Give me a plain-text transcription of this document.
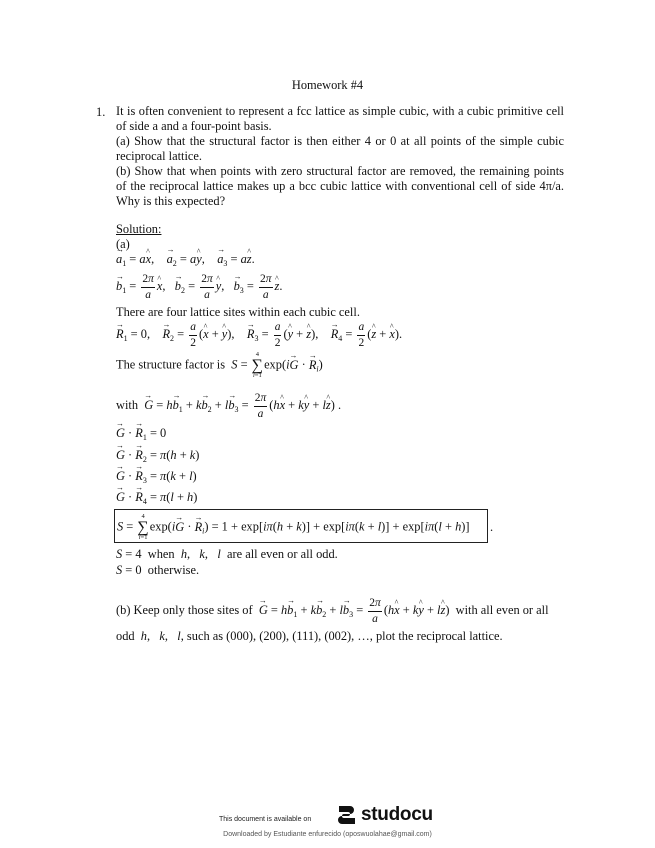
Homework #4
1. It is often convenient to represent a fcc lattice as simple cubic, with a cubic primitive cell of side a and a four-point basis.
(a) Show that the structural factor is then either 4 or 0 at all points of the simple cubic reciprocal lattice.
(b) Show that when points with zero structural factor are removed, the remaining points of the reciprocal lattice makes up a bcc cubic lattice with conventional cell of side 4π/a. Why is this expected?
Solution:
(a)
→ $a_1$ = a^ x,    → $a_2$ = a^ y,    → $a_3$ = a^ z.
→ $b_1 = \frac{2\pi}{a}$ ^ x,   → $b_2 = \frac{2\pi}{a}$ ^ y,   → $b_3 = \frac{2\pi}{a}$ ^ z.
There are four lattice sites within each cubic cell.
→ $R_1 = 0$,    → $R_2 = \frac{a}{2}$ (^ x + ^ y),    → $R_3 = \frac{a}{2}$ (^ y + ^ z),    → $R_4 = \frac{a}{2}$ (^ z + ^ x).
The structure factor is S =
4
∑
i=1
exp(i→ G · → $R_i$)
with → $G = h\to b_1 + k\to b_2 + l\to b_3 = \frac{2\pi}{a}$ (h^ x + k^ y + l^ z) .
→ G · → $R_1 = 0$
→ G · → $R_2 = \pi(h + k)$
→ G · → $R_3 = \pi(k + l)$
→ G · → $R_4 = \pi(l + h)$
S =
4
∑
i=1
exp(i→ G · → $R_i) = 1 + \exp[i\pi(h + k)] + \exp[i\pi(k + l)] + \exp[i\pi(l + h)]$ .
S = 4  when h,   k,   l are all even or all odd.
S = 0  otherwise.
(b) Keep only those sites of → $G = h\to b_1 + k\to b_2 + l\to b_3 = \frac{2\pi}{a}$ (h^ x + k^ y + l^ z)  with all even or all
odd h,   k,   l, such as (000), (200), (111), (002), …, plot the reciprocal lattice.
This document is available on	studocu
Downloaded by Estudiante enfurecido (oposwuolahae@gmail.com)
